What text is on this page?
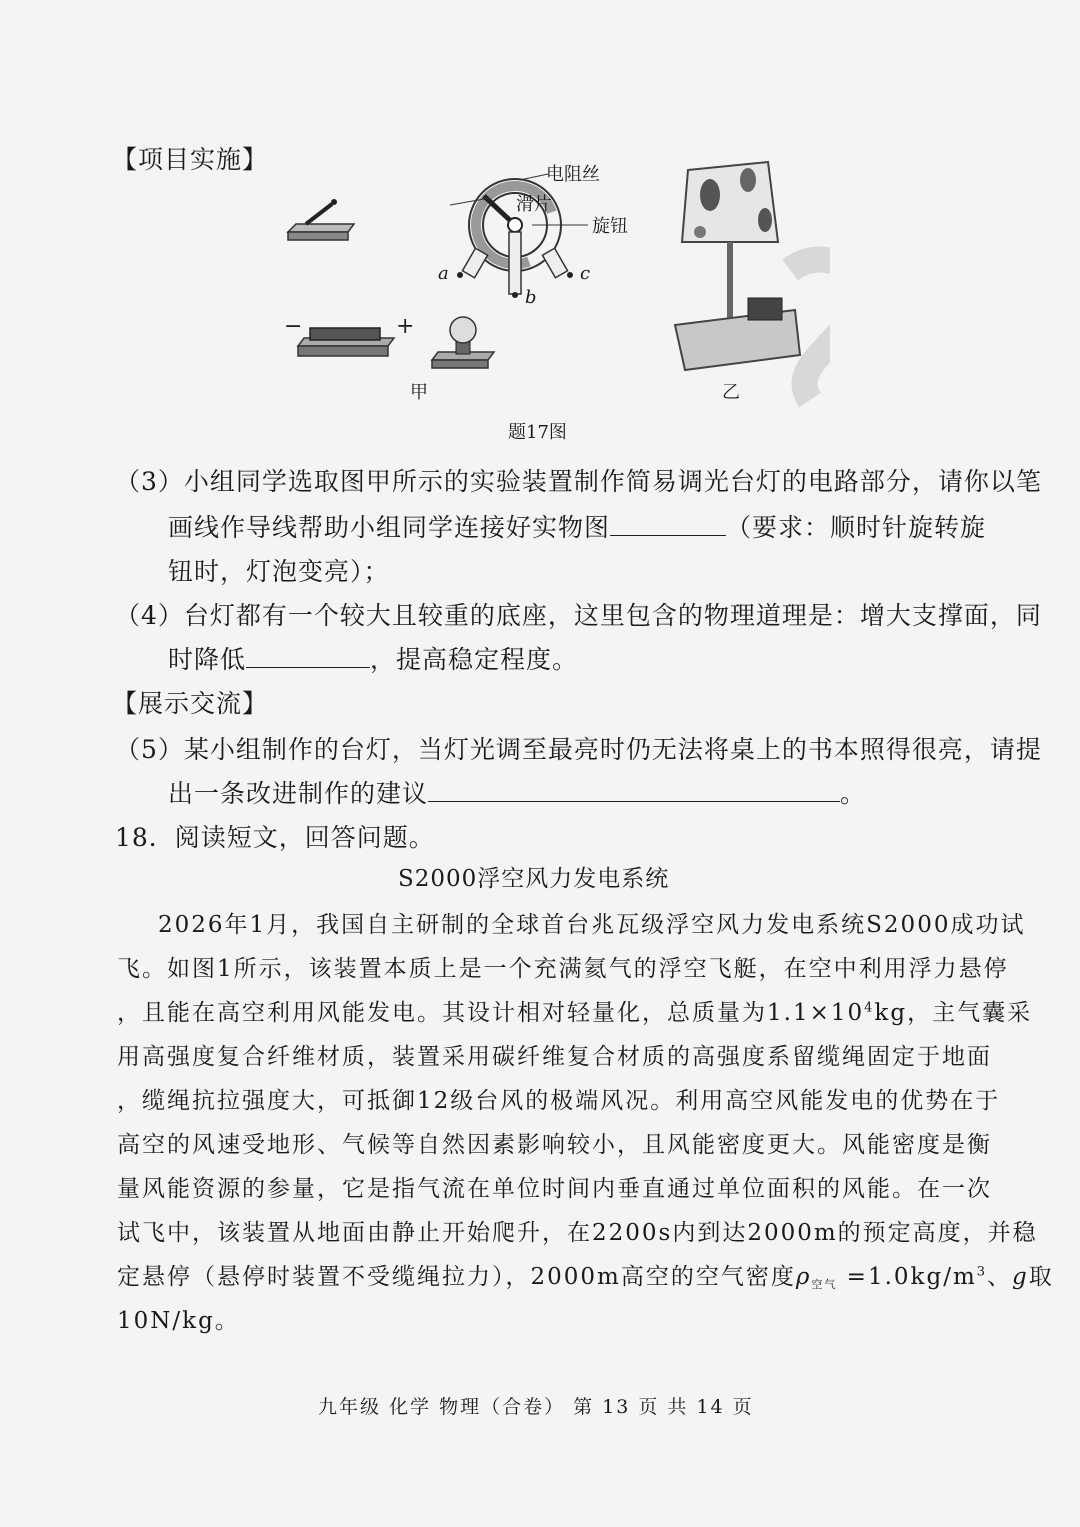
【项目实施】
滑片
电阻丝
旋钮
a
b
c
−	+
甲	乙
题17图
（3）小组同学选取图甲所示的实验装置制作简易调光台灯的电路部分，请你以笔
画线作导线帮助小组同学连接好实物图	（要求：顺时针旋转旋
钮时，灯泡变亮）；
（4）台灯都有一个较大且较重的底座，这里包含的物理道理是：增大支撑面，同
时降低	，提高稳定程度。
【展示交流】
（5）某小组制作的台灯，当灯光调至最亮时仍无法将桌上的书本照得很亮，请提
出一条改进制作的建议	。
18．阅读短文，回答问题。
S2000浮空风力发电系统
2026年1月，我国自主研制的全球首台兆瓦级浮空风力发电系统S2000成功试
飞。如图1所示，该装置本质上是一个充满氦气的浮空飞艇，在空中利用浮力悬停
，且能在高空利用风能发电。其设计相对轻量化，总质量为$1.1\times 10^4kg$，主气囊采
用高强度复合纤维材质，装置采用碳纤维复合材质的高强度系留缆绳固定于地面
，缆绳抗拉强度大，可抵御12级台风的极端风况。利用高空风能发电的优势在于
高空的风速受地形、气候等自然因素影响较小，且风能密度更大。风能密度是衡
量风能资源的参量，它是指气流在单位时间内垂直通过单位面积的风能。在一次
试飞中，该装置从地面由静止开始爬升，在2200s内到达2000m的预定高度，并稳
定悬停（悬停时装置不受缆绳拉力），2000m高空的空气密度ρ空气 $=1.0kg/m^3$、g取
10N/kg。
九年级 化学 物理（合卷） 第 13 页 共 14 页
